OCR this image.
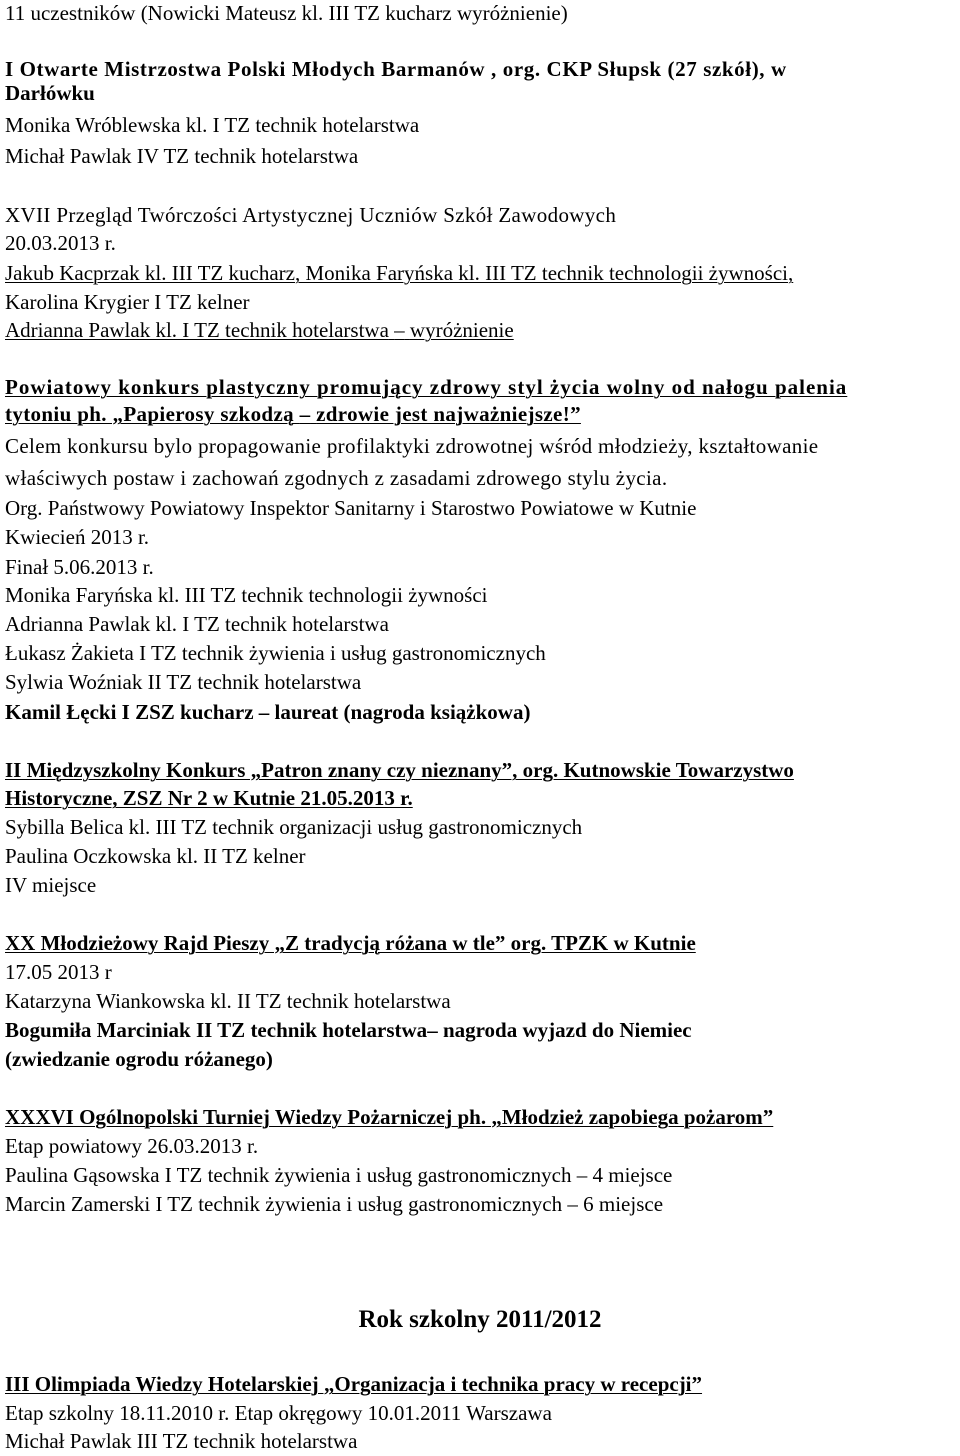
11 uczestników (Nowicki Mateusz kl. III TZ kucharz wyróżnienie)
I Otwarte Mistrzostwa Polski Młodych Barmanów , org. CKP Słupsk (27 szkół), w
Darłówku
Monika Wróblewska kl. I TZ technik hotelarstwa
Michał Pawlak IV TZ technik hotelarstwa
XVII Przegląd Twórczości Artystycznej Uczniów Szkół Zawodowych
20.03.2013 r.
Jakub Kacprzak kl. III TZ kucharz, Monika Faryńska kl. III TZ technik technologii żywności,
Karolina Krygier I TZ kelner
Adrianna Pawlak kl. I TZ technik hotelarstwa – wyróżnienie
Powiatowy konkurs plastyczny promujący zdrowy styl życia wolny od nałogu palenia
tytoniu ph. „Papierosy szkodzą – zdrowie jest najważniejsze!”
Celem konkursu bylo propagowanie profilaktyki zdrowotnej wśród młodzieży, kształtowanie
właściwych postaw i zachowań zgodnych z zasadami zdrowego stylu życia.
Org. Państwowy Powiatowy Inspektor Sanitarny i Starostwo Powiatowe w Kutnie
Kwiecień 2013 r.
Finał 5.06.2013 r.
Monika Faryńska kl. III TZ technik technologii żywności
Adrianna Pawlak kl. I TZ technik hotelarstwa
Łukasz Żakieta I TZ technik żywienia i usług gastronomicznych
Sylwia Woźniak II TZ technik hotelarstwa
Kamil Łęcki I ZSZ kucharz – laureat (nagroda książkowa)
II Międzyszkolny Konkurs „Patron znany czy nieznany”, org. Kutnowskie Towarzystwo
Historyczne, ZSZ Nr 2 w Kutnie 21.05.2013 r.
Sybilla Belica kl. III TZ technik organizacji usług gastronomicznych
Paulina Oczkowska kl. II TZ kelner
IV miejsce
XX Młodzieżowy Rajd Pieszy „Z tradycją różana w tle” org. TPZK w Kutnie
17.05 2013 r
Katarzyna Wiankowska kl. II TZ technik hotelarstwa
Bogumiła Marciniak II TZ technik hotelarstwa– nagroda wyjazd do Niemiec
(zwiedzanie ogrodu różanego)
XXXVI Ogólnopolski Turniej Wiedzy Pożarniczej ph. „Młodzież zapobiega pożarom”
Etap powiatowy 26.03.2013 r.
Paulina Gąsowska I TZ technik żywienia i usług gastronomicznych – 4 miejsce
Marcin Zamerski I TZ technik żywienia i usług gastronomicznych – 6 miejsce
Rok szkolny 2011/2012
III Olimpiada Wiedzy Hotelarskiej „Organizacja i technika pracy w recepcji”
Etap szkolny 18.11.2010 r. Etap okręgowy 10.01.2011 Warszawa
Michał Pawlak III TZ technik hotelarstwa
